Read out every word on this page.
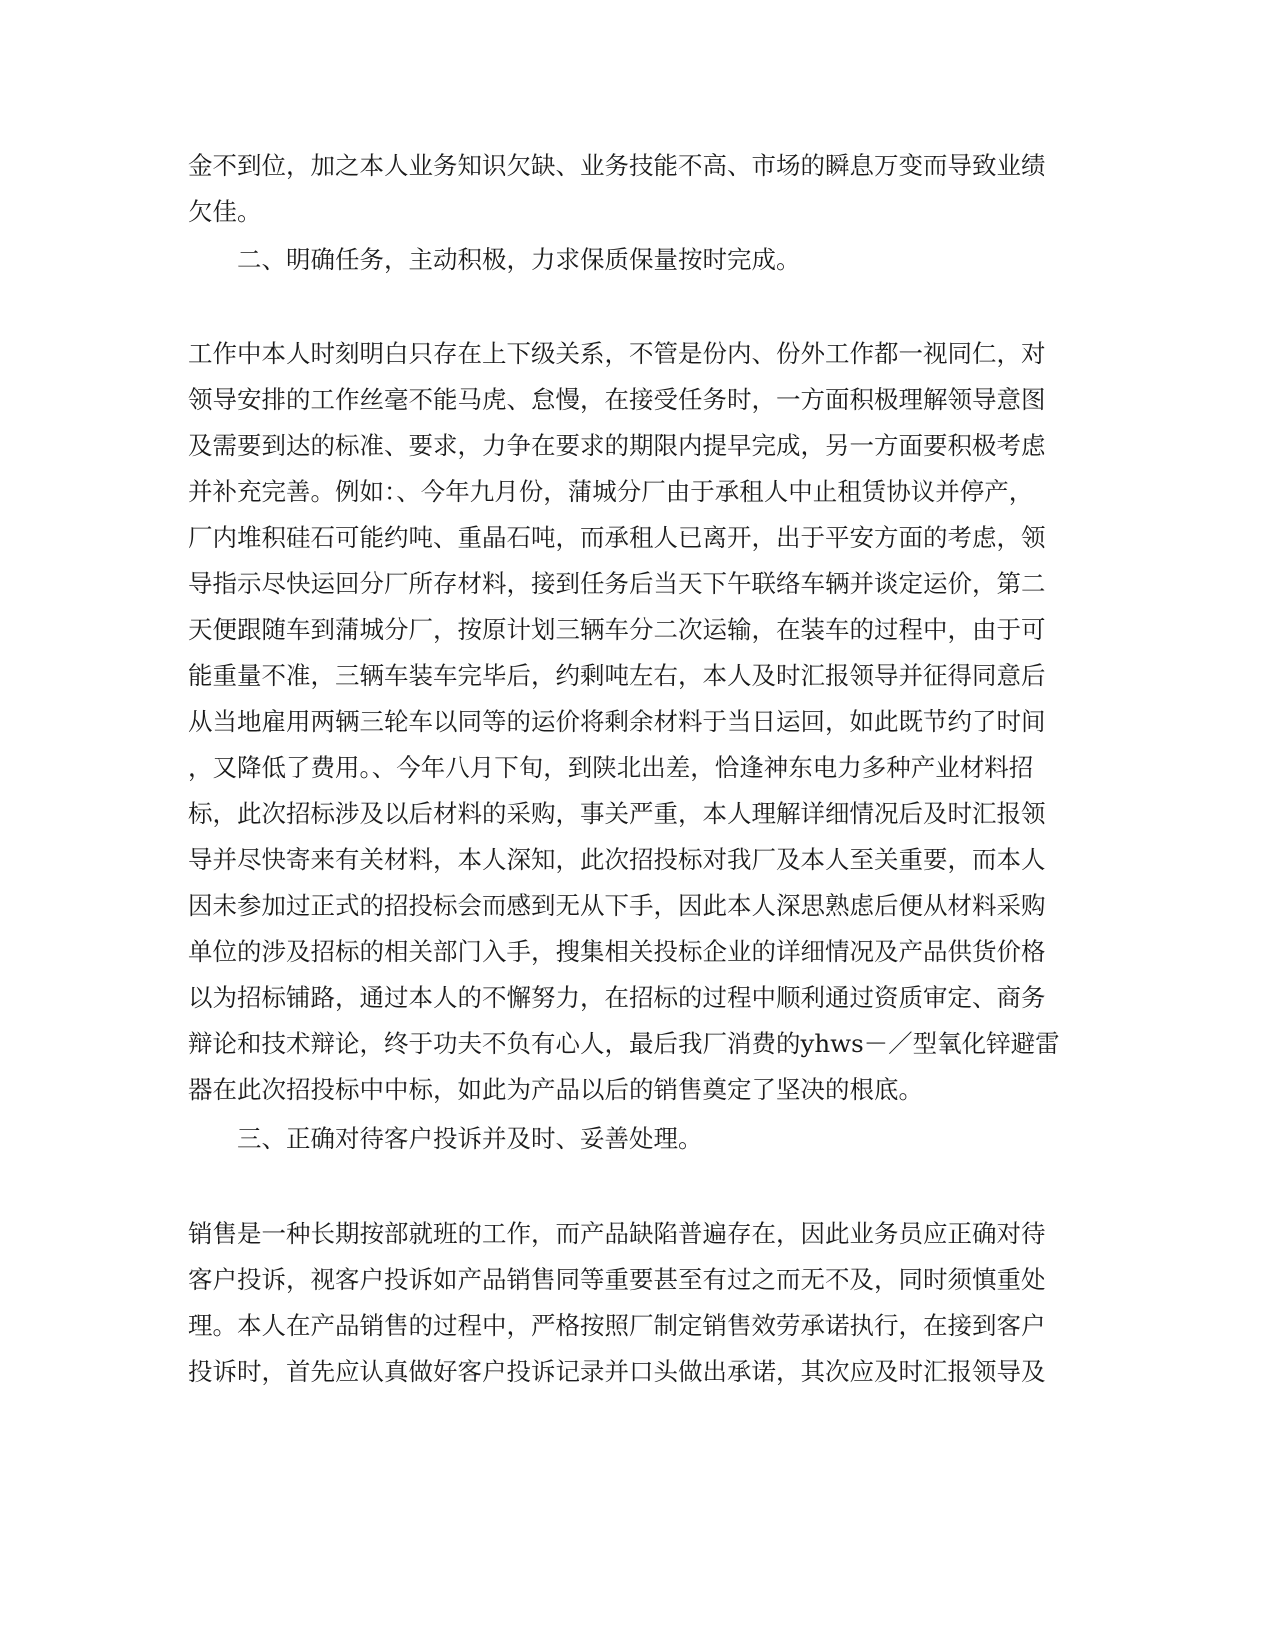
金不到位，加之本人业务知识欠缺、业务技能不高、市场的瞬息万变而导致业绩
欠佳。
二、明确任务，主动积极，力求保质保量按时完成。
工作中本人时刻明白只存在上下级关系，不管是份内、份外工作都一视同仁，对
领导安排的工作丝毫不能马虎、怠慢，在接受任务时，一方面积极理解领导意图
及需要到达的标准、要求，力争在要求的期限内提早完成，另一方面要积极考虑
并补充完善。例如：、今年九月份，蒲城分厂由于承租人中止租赁协议并停产，
厂内堆积硅石可能约吨、重晶石吨，而承租人已离开，出于平安方面的考虑，领
导指示尽快运回分厂所存材料，接到任务后当天下午联络车辆并谈定运价，第二
天便跟随车到蒲城分厂，按原计划三辆车分二次运输，在装车的过程中，由于可
能重量不准，三辆车装车完毕后，约剩吨左右，本人及时汇报领导并征得同意后
从当地雇用两辆三轮车以同等的运价将剩余材料于当日运回，如此既节约了时间
，又降低了费用。、今年八月下旬，到陕北出差，恰逢神东电力多种产业材料招
标，此次招标涉及以后材料的采购，事关严重，本人理解详细情况后及时汇报领
导并尽快寄来有关材料，本人深知，此次招投标对我厂及本人至关重要，而本人
因未参加过正式的招投标会而感到无从下手，因此本人深思熟虑后便从材料采购
单位的涉及招标的相关部门入手，搜集相关投标企业的详细情况及产品供货价格
以为招标铺路，通过本人的不懈努力，在招标的过程中顺利通过资质审定、商务
辩论和技术辩论，终于功夫不负有心人，最后我厂消费的yhws－／型氧化锌避雷
器在此次招投标中中标，如此为产品以后的销售奠定了坚决的根底。
三、正确对待客户投诉并及时、妥善处理。
销售是一种长期按部就班的工作，而产品缺陷普遍存在，因此业务员应正确对待
客户投诉，视客户投诉如产品销售同等重要甚至有过之而无不及，同时须慎重处
理。本人在产品销售的过程中，严格按照厂制定销售效劳承诺执行，在接到客户
投诉时，首先应认真做好客户投诉记录并口头做出承诺，其次应及时汇报领导及
